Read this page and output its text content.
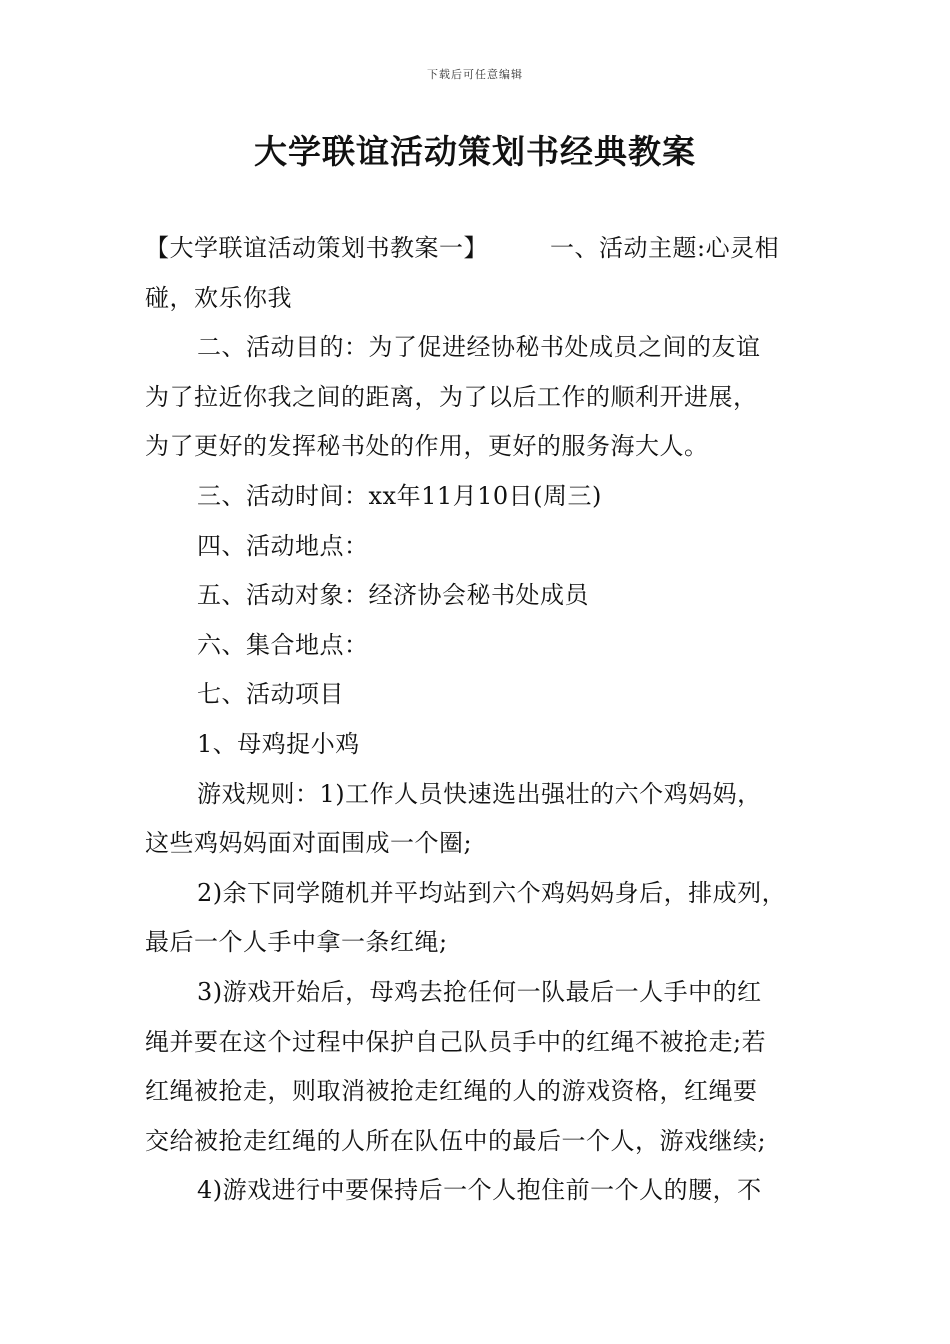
下载后可任意编辑
大学联谊活动策划书经典教案

【大学联谊活动策划书教案一】	一、活动主题:心灵相

碰，欢乐你我

二、活动目的：为了促进经协秘书处成员之间的友谊

为了拉近你我之间的距离，为了以后工作的顺利开进展，

为了更好的发挥秘书处的作用，更好的服务海大人。

三、活动时间：xx年11月10日(周三)

四、活动地点：

五、活动对象：经济协会秘书处成员

六、集合地点：

七、活动项目

1、母鸡捉小鸡

游戏规则：1)工作人员快速选出强壮的六个鸡妈妈，

这些鸡妈妈面对面围成一个圈;

2)余下同学随机并平均站到六个鸡妈妈身后，排成列，

最后一个人手中拿一条红绳;

3)游戏开始后，母鸡去抢任何一队最后一人手中的红

绳并要在这个过程中保护自己队员手中的红绳不被抢走;若

红绳被抢走，则取消被抢走红绳的人的游戏资格，红绳要

交给被抢走红绳的人所在队伍中的最后一个人，游戏继续;

4)游戏进行中要保持后一个人抱住前一个人的腰，不
